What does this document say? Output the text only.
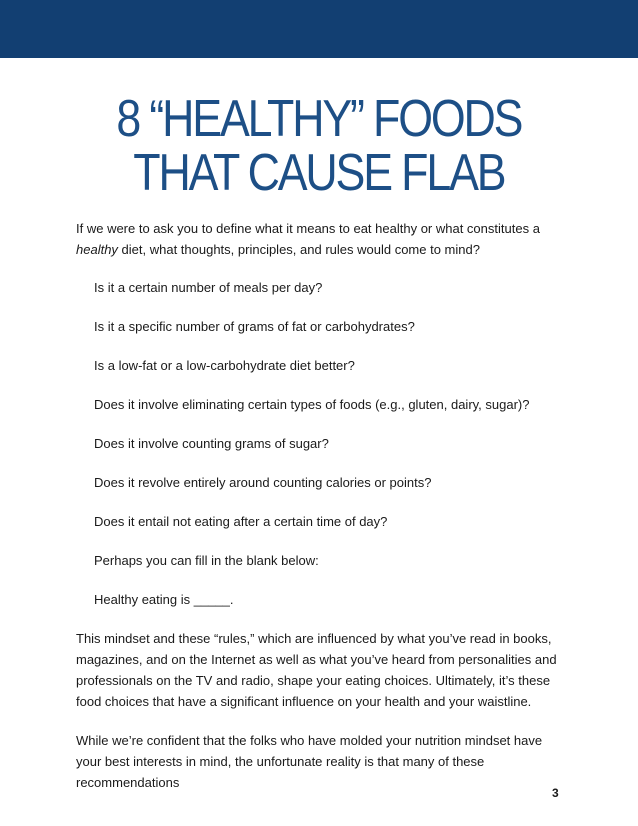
8 “HEALTHY” FOODS
THAT CAUSE FLAB

If we were to ask you to define what it means to eat healthy or what constitutes a healthy diet, what thoughts, principles, and rules would come to mind?

Is it a certain number of meals per day?

Is it a specific number of grams of fat or carbohydrates?

Is a low-fat or a low-carbohydrate diet better?

Does it involve eliminating certain types of foods (e.g., gluten, dairy, sugar)?

Does it involve counting grams of sugar?

Does it revolve entirely around counting calories or points?

Does it entail not eating after a certain time of day?

Perhaps you can fill in the blank below:

Healthy eating is _____.

This mindset and these “rules,” which are influenced by what you’ve read in books, magazines, and on the Internet as well as what you’ve heard from personalities and professionals on the TV and radio, shape your eating choices. Ultimately, it’s these food choices that have a significant influence on your health and your waistline.

While we’re confident that the folks who have molded your nutrition mindset have your best interests in mind, the unfortunate reality is that many of these recommendations

3
